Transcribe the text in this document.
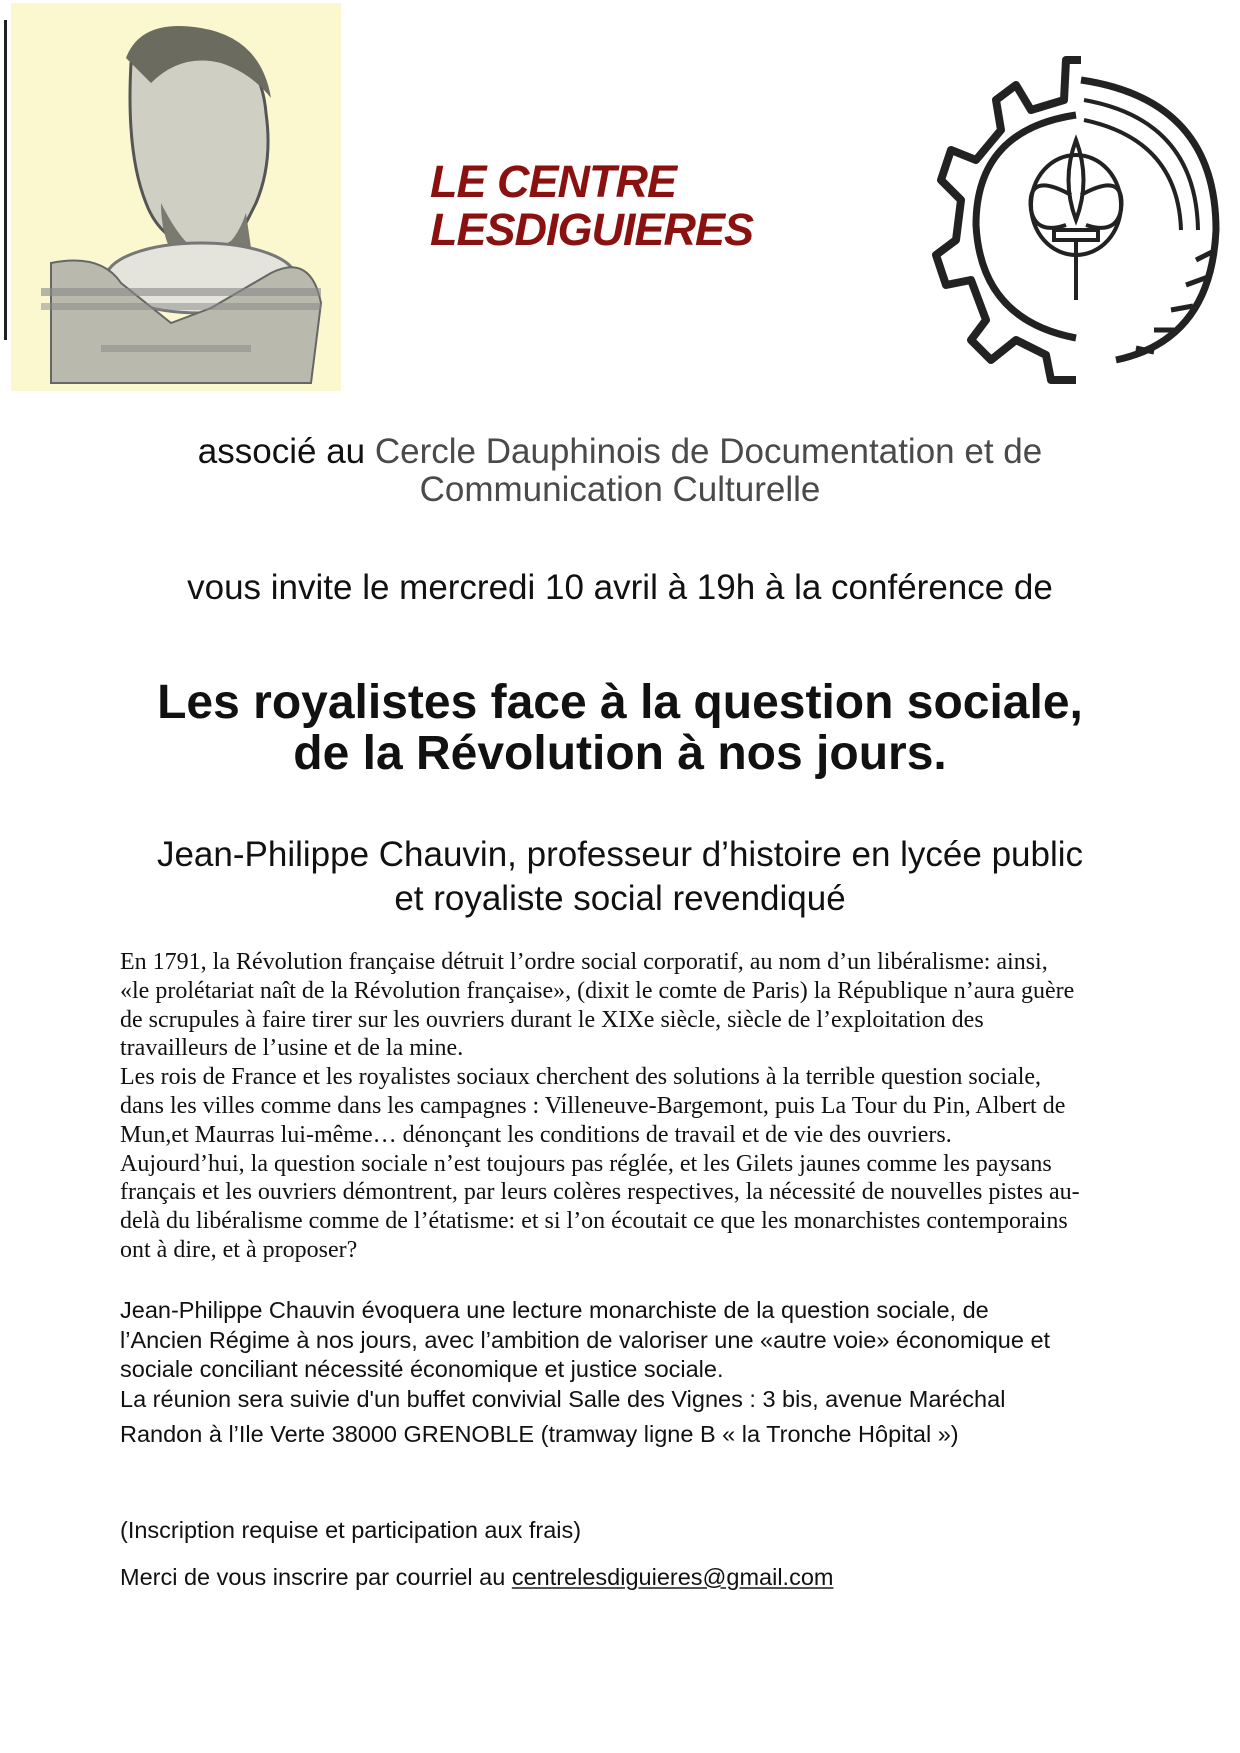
LE CENTRE
LESDIGUIERES
associé au Cercle Dauphinois de Documentation et de
Communication Culturelle
vous invite le mercredi 10 avril à 19h à la conférence de
Les royalistes face à la question sociale,
de la Révolution à nos jours.
Jean-Philippe Chauvin, professeur d’histoire en lycée public
et royaliste social revendiqué
En 1791, la Révolution française détruit l’ordre social corporatif, au nom d’un libéralisme: ainsi,
«le prolétariat naît de la Révolution française», (dixit le comte de Paris) la République n’aura guère
de scrupules à faire tirer sur les ouvriers durant le XIXe siècle, siècle de l’exploitation des
travailleurs de l’usine et de la mine.
Les rois de France et les royalistes sociaux cherchent des solutions à la terrible question sociale,
dans les villes comme dans les campagnes : Villeneuve-Bargemont, puis La Tour du Pin, Albert de
Mun,et Maurras lui-même… dénonçant les conditions de travail et de vie des ouvriers.
Aujourd’hui, la question sociale n’est toujours pas réglée, et les Gilets jaunes comme les paysans
français et les ouvriers démontrent, par leurs colères respectives, la nécessité de nouvelles pistes au-
delà du libéralisme comme de l’étatisme: et si l’on écoutait ce que les monarchistes contemporains
ont à dire, et à proposer?
Jean-Philippe Chauvin évoquera une lecture monarchiste de la question sociale, de
l’Ancien Régime à nos jours, avec l’ambition de valoriser une «autre voie» économique et
sociale conciliant nécessité économique et justice sociale.
La réunion sera suivie d'un buffet convivial Salle des Vignes : 3 bis, avenue Maréchal
Randon à l’Ile Verte 38000 GRENOBLE (tramway ligne B « la Tronche Hôpital »)
(Inscription requise et participation aux frais)
Merci de vous inscrire par courriel au centrelesdiguieres@gmail.com
